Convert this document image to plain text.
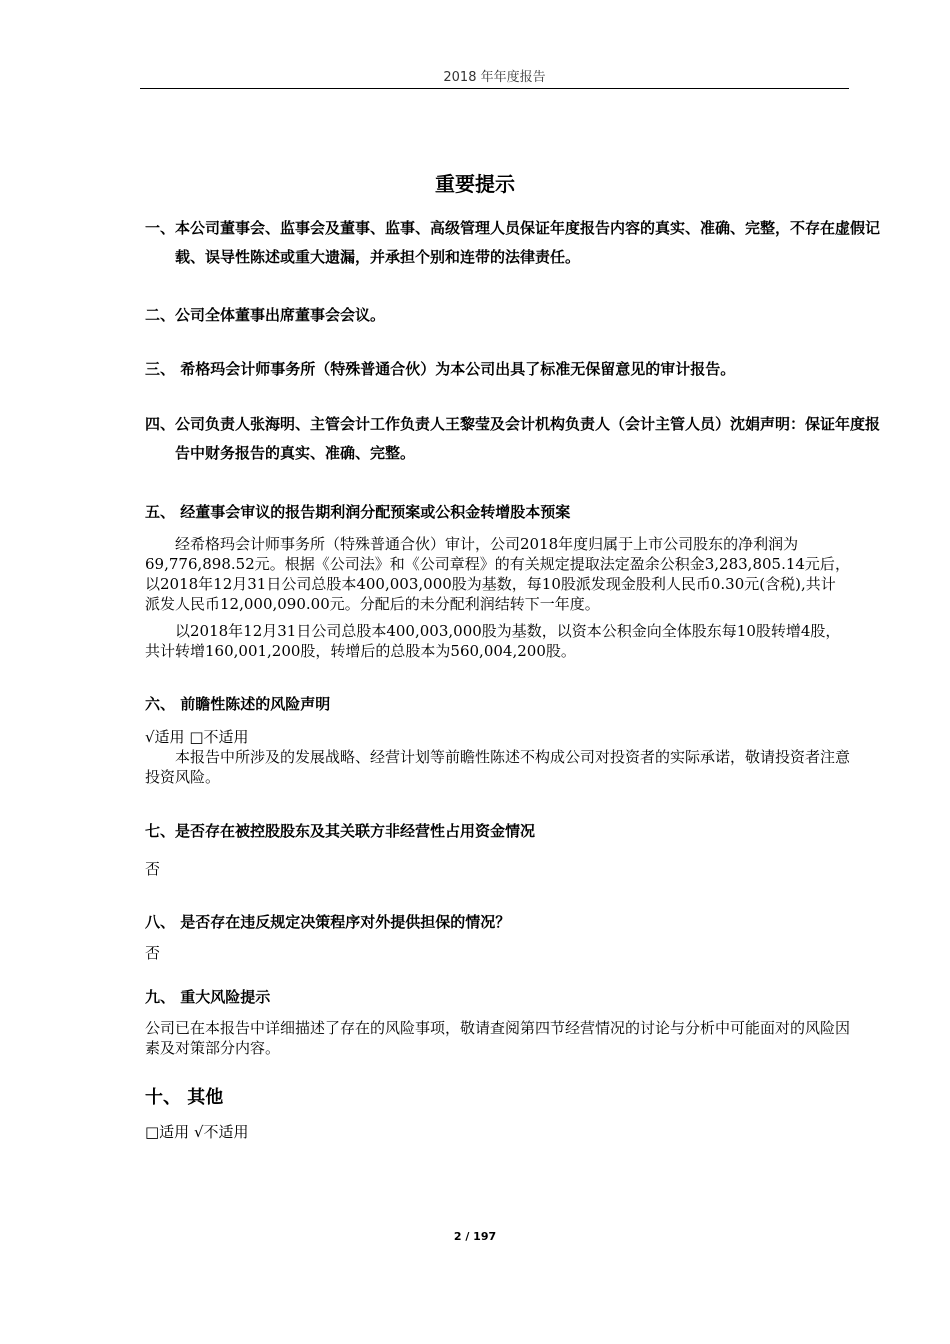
2018 年年度报告
重要提示
一、本公司董事会、监事会及董事、监事、高级管理人员保证年度报告内容的真实、准确、完整，不存在虚假记载、误导性陈述或重大遗漏，并承担个别和连带的法律责任。
二、公司全体董事出席董事会会议。
三、 希格玛会计师事务所（特殊普通合伙）为本公司出具了标准无保留意见的审计报告。
四、公司负责人张海明、主管会计工作负责人王黎莹及会计机构负责人（会计主管人员）沈娟声明：保证年度报告中财务报告的真实、准确、完整。
五、 经董事会审议的报告期利润分配预案或公积金转增股本预案
经希格玛会计师事务所（特殊普通合伙）审计，公司2018年度归属于上市公司股东的净利润为69,776,898.52元。根据《公司法》和《公司章程》的有关规定提取法定盈余公积金3,283,805.14元后，以2018年12月31日公司总股本400,003,000股为基数，每10股派发现金股利人民币0.30元(含税),共计派发人民币12,000,090.00元。分配后的未分配利润结转下一年度。
以2018年12月31日公司总股本400,003,000股为基数，以资本公积金向全体股东每10股转增4股，共计转增160,001,200股，转增后的总股本为560,004,200股。
六、 前瞻性陈述的风险声明
√适用 □不适用
本报告中所涉及的发展战略、经营计划等前瞻性陈述不构成公司对投资者的实际承诺，敬请投资者注意投资风险。
七、是否存在被控股股东及其关联方非经营性占用资金情况
否
八、 是否存在违反规定决策程序对外提供担保的情况？
否
九、 重大风险提示
公司已在本报告中详细描述了存在的风险事项，敬请查阅第四节经营情况的讨论与分析中可能面对的风险因素及对策部分内容。
十、 其他
□适用 √不适用
2 / 197
